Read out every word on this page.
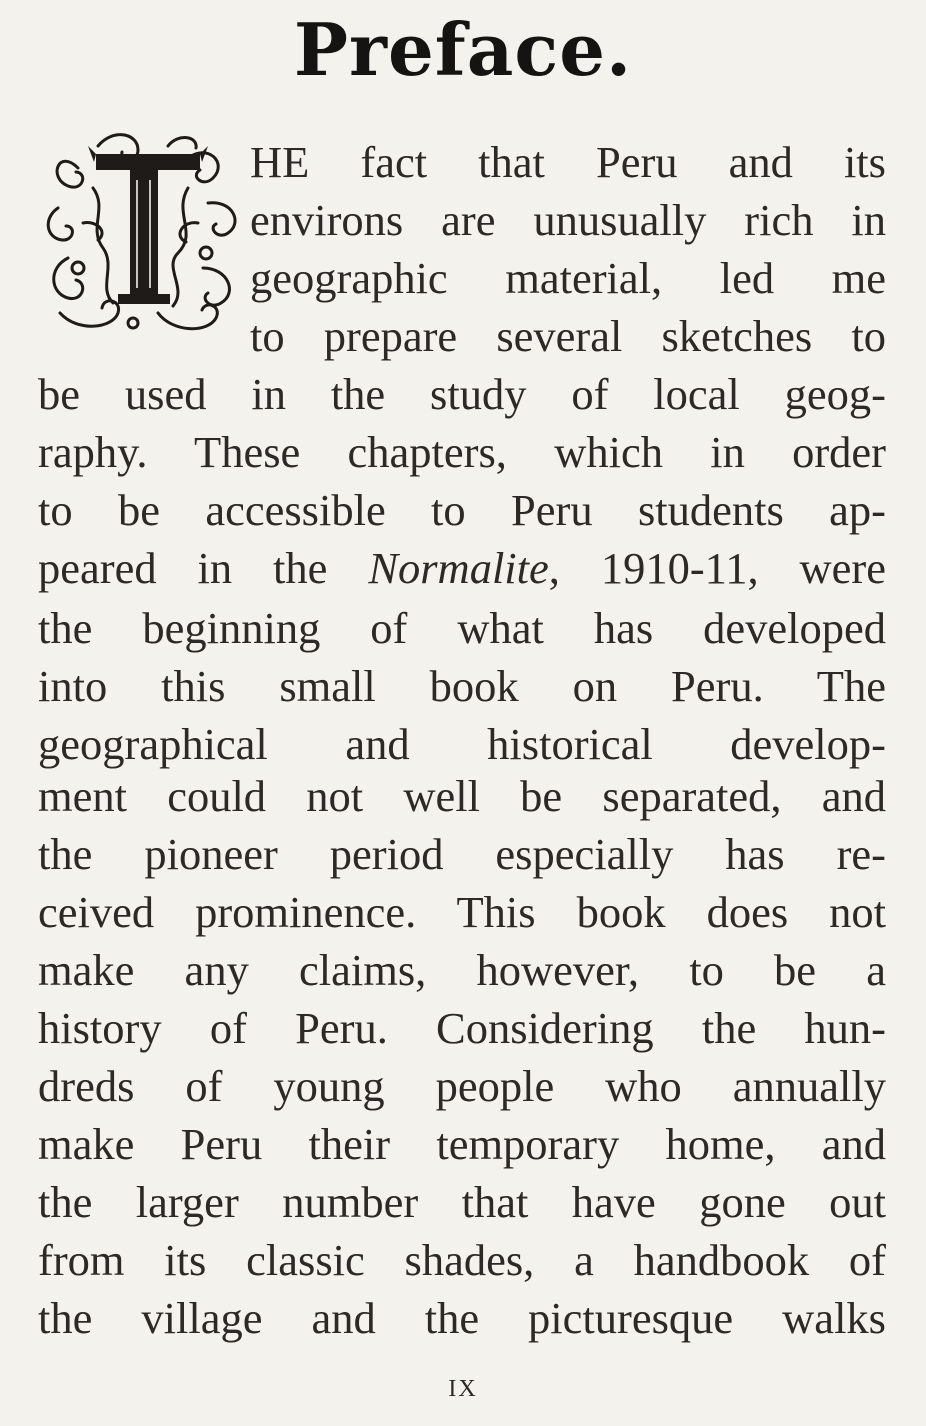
Preface.
HE fact that Peru and its
environs are unusually rich in
geographic material, led me
to prepare several sketches to
be used in the study of local geog-
raphy. These chapters, which in order
to be accessible to Peru students ap-
peared in the Normalite, 1910-11, were
the beginning of what has developed
into this small book on Peru. The
geographical and historical develop-
ment could not well be separated, and
the pioneer period especially has re-
ceived prominence. This book does not
make any claims, however, to be a
history of Peru. Considering the hun-
dreds of young people who annually
make Peru their temporary home, and
the larger number that have gone out
from its classic shades, a handbook of
the village and the picturesque walks
IX
